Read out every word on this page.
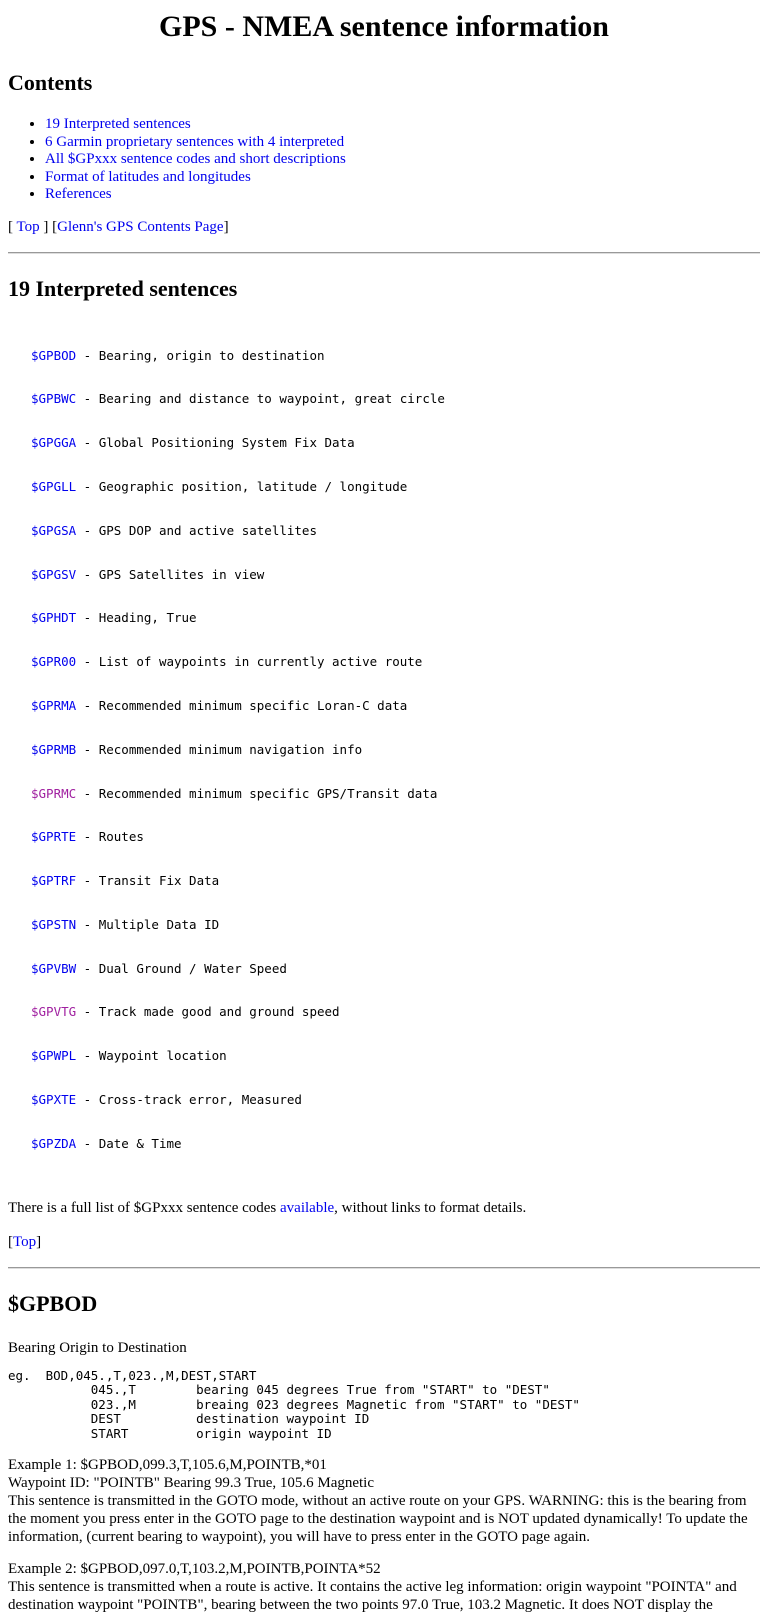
GPS - NMEA sentence information
Contents
• 19 Interpreted sentences
• 6 Garmin proprietary sentences with 4 interpreted
• All $GPxxx sentence codes and short descriptions
• Format of latitudes and longitudes
• References
[ Top ] [Glenn's GPS Contents Page]
19 Interpreted sentences

$GPBOD - Bearing, origin to destination

$GPBWC - Bearing and distance to waypoint, great circle

$GPGGA - Global Positioning System Fix Data

$GPGLL - Geographic position, latitude / longitude

$GPGSA - GPS DOP and active satellites

$GPGSV - GPS Satellites in view

$GPHDT - Heading, True

$GPR00 - List of waypoints in currently active route

$GPRMA - Recommended minimum specific Loran-C data

$GPRMB - Recommended minimum navigation info

$GPRMC - Recommended minimum specific GPS/Transit data

$GPRTE - Routes

$GPTRF - Transit Fix Data

$GPSTN - Multiple Data ID

$GPVBW - Dual Ground / Water Speed

$GPVTG - Track made good and ground speed

$GPWPL - Waypoint location

$GPXTE - Cross-track error, Measured

$GPZDA - Date & Time

There is a full list of $GPxxx sentence codes available, without links to format details.

[Top]

$GPBOD

Bearing Origin to Destination

eg.  BOD,045.,T,023.,M,DEST,START
045.,T        bearing 045 degrees True from "START" to "DEST"
023.,M        breaing 023 degrees Magnetic from "START" to "DEST"
DEST          destination waypoint ID
START         origin waypoint ID
Example 1: $GPBOD,099.3,T,105.6,M,POINTB,*01
Waypoint ID: "POINTB" Bearing 99.3 True, 105.6 Magnetic
This sentence is transmitted in the GOTO mode, without an active route on your GPS. WARNING: this is the bearing from the moment you press enter in the GOTO page to the destination waypoint and is NOT updated dynamically! To update the information, (current bearing to waypoint), you will have to press enter in the GOTO page again.
Example 2: $GPBOD,097.0,T,103.2,M,POINTB,POINTA*52
This sentence is transmitted when a route is active. It contains the active leg information: origin waypoint "POINTA" and destination waypoint "POINTB", bearing between the two points 97.0 True, 103.2 Magnetic. It does NOT display the
